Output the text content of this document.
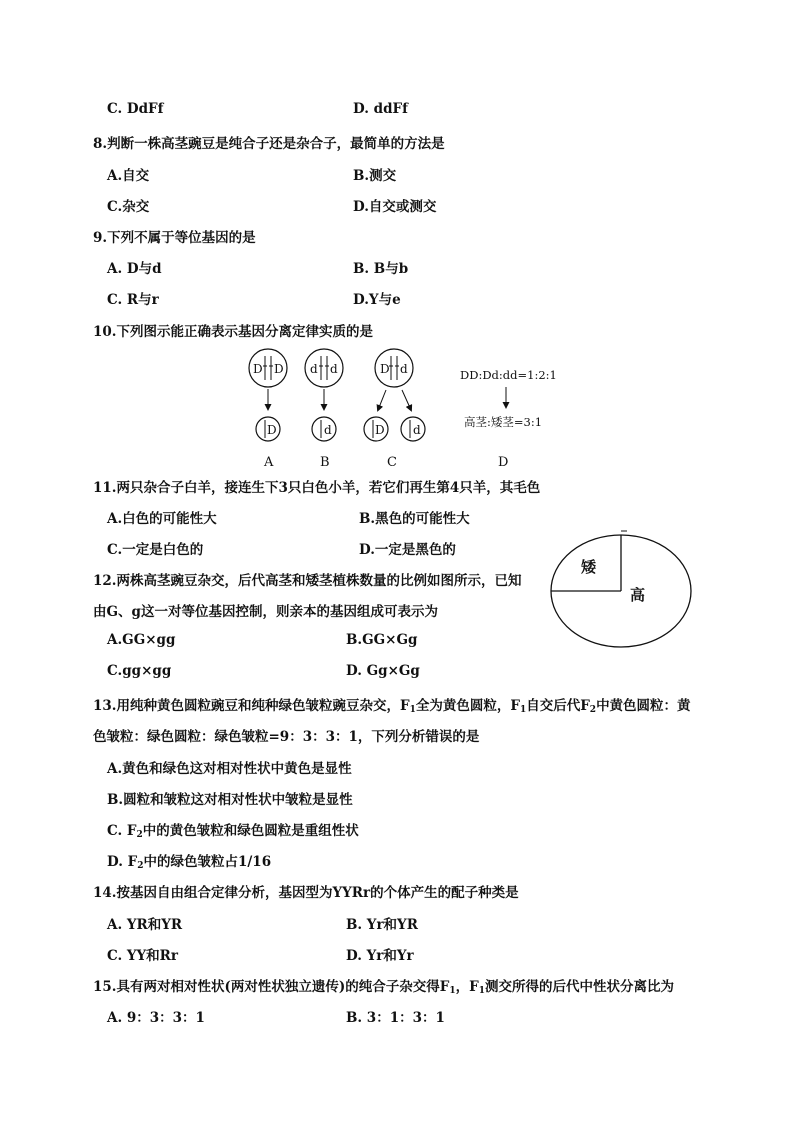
C. DdFf	D. ddFf
8.判断一株高茎豌豆是纯合子还是杂合子，最简单的方法是
A.自交	B.测交
C.杂交	D.自交或测交
9.下列不属于等位基因的是
A. D与d	B. B与b
C. R与r	D.Y与e
10.下列图示能正确表示基因分离定律实质的是
D D
D
A
d d
d
B
D d
D d
C
DD:Dd:dd=1:2:1
高茎:矮茎=3:1
D
11.两只杂合子白羊，接连生下3只白色小羊，若它们再生第4只羊，其毛色
A.白色的可能性大	B.黑色的可能性大
C.一定是白色的	D.一定是黑色的
12.两株高茎豌豆杂交，后代高茎和矮茎植株数量的比例如图所示，已知
由G、g这一对等位基因控制，则亲本的基因组成可表示为
A.GG×gg	B.GG×Gg
C.gg×gg	D. Gg×Gg
矮
高
13.用纯种黄色圆粒豌豆和纯种绿色皱粒豌豆杂交，$F_1$全为黄色圆粒，$F_1$自交后代$F_2$中黄色圆粒：黄
色皱粒：绿色圆粒：绿色皱粒=9：3：3：1，下列分析错误的是
A.黄色和绿色这对相对性状中黄色是显性
B.圆粒和皱粒这对相对性状中皱粒是显性
C. $F_2$中的黄色皱粒和绿色圆粒是重组性状
D. $F_2$中的绿色皱粒占1/16
14.按基因自由组合定律分析，基因型为YYRr的个体产生的配子种类是
A. YR和YR	B. Yr和YR
C. YY和Rr	D. Yr和Yr
15.具有两对相对性状(两对性状独立遗传)的纯合子杂交得$F_1$，$F_1$测交所得的后代中性状分离比为
A. 9：3：3：1	B. 3：1：3：1
